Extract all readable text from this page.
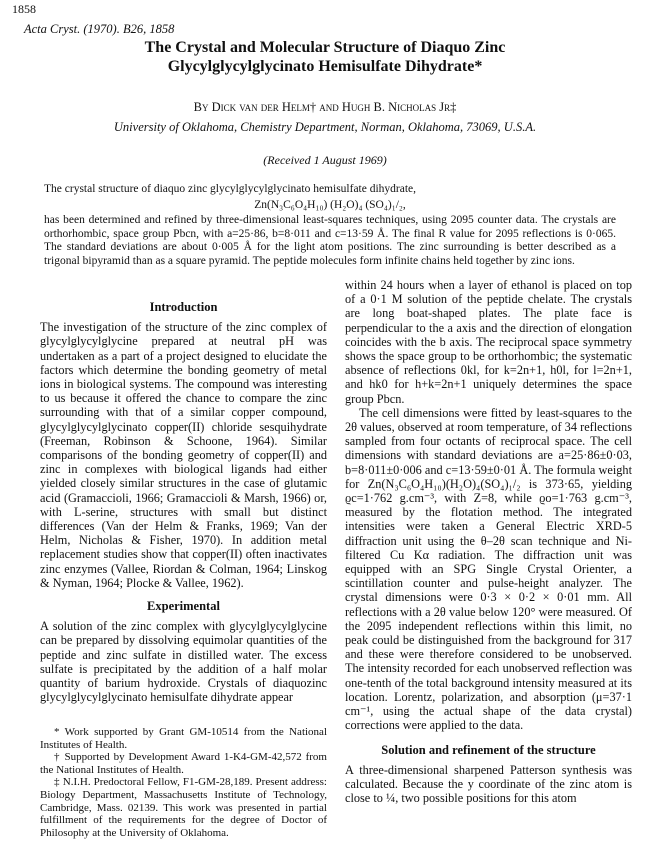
1858
Acta Cryst. (1970). B26, 1858
The Crystal and Molecular Structure of Diaquo Zinc
Glycylglycylglycinato Hemisulfate Dihydrate*
By Dick van der Helm† and Hugh B. Nicholas Jr‡
University of Oklahoma, Chemistry Department, Norman, Oklahoma, 73069, U.S.A.
(Received 1 August 1969)

The crystal structure of diaquo zinc glycylglycylglycinato hemisulfate dihydrate,

Zn(N₃C₆O₄H₁₀) (H₂O)₄ (SO₄)₁/₂,

has been determined and refined by three-dimensional least-squares techniques, using 2095 counter data. The crystals are orthorhombic, space group Pbcn, with a=25·86, b=8·011 and c=13·59 Å. The final R value for 2095 reflections is 0·065. The standard deviations are about 0·005 Å for the light atom positions. The zinc surrounding is better described as a trigonal bipyramid than as a square pyramid. The peptide molecules form infinite chains held together by zinc ions.

Introduction

The investigation of the structure of the zinc complex of glycylglycylglycine prepared at neutral pH was undertaken as a part of a project designed to elucidate the factors which determine the bonding geometry of metal ions in biological systems. The compound was interesting to us because it offered the chance to compare the zinc surrounding with that of a similar copper compound, glycylglycylglycinato copper(II) chloride sesquihydrate (Freeman, Robinson & Schoone, 1964). Similar comparisons of the bonding geometry of copper(II) and zinc in complexes with biological ligands had either yielded closely similar structures in the case of glutamic acid (Gramaccioli, 1966; Gramaccioli & Marsh, 1966) or, with L-serine, structures with small but distinct differences (Van der Helm & Franks, 1969; Van der Helm, Nicholas & Fisher, 1970). In addition metal replacement studies show that copper(II) often inactivates zinc enzymes (Vallee, Riordan & Colman, 1964; Linskog & Nyman, 1964; Plocke & Vallee, 1962).

Experimental

A solution of the zinc complex with glycylglycylglycine can be prepared by dissolving equimolar quantities of the peptide and zinc sulfate in distilled water. The excess sulfate is precipitated by the addition of a half molar quantity of barium hydroxide. Crystals of diaquozinc glycylglycylglycinato hemisulfate dihydrate appear

within 24 hours when a layer of ethanol is placed on top of a 0·1 M solution of the peptide chelate. The crystals are long boat-shaped plates. The plate face is perpendicular to the a axis and the direction of elongation coincides with the b axis. The reciprocal space symmetry shows the space group to be orthorhombic; the systematic absence of reflections 0kl, for k=2n+1, h0l, for l=2n+1, and hk0 for h+k=2n+1 uniquely determines the space group Pbcn.

The cell dimensions were fitted by least-squares to the 2θ values, observed at room temperature, of 34 reflections sampled from four octants of reciprocal space. The cell dimensions with standard deviations are a=25·86±0·03, b=8·011±0·006 and c=13·59±0·01 Å. The formula weight for Zn(N₃C₆O₄H₁₀)(H₂O)₄(SO₄)₁/₂ is 373·65, yielding ϱc=1·762 g.cm⁻³, with Z=8, while ϱo=1·763 g.cm⁻³, measured by the flotation method. The integrated intensities were taken a General Electric XRD-5 diffraction unit using the θ–2θ scan technique and Ni-filtered Cu Kα radiation. The diffraction unit was equipped with an SPG Single Crystal Orienter, a scintillation counter and pulse-height analyzer. The crystal dimensions were 0·3 × 0·2 × 0·01 mm. All reflections with a 2θ value below 120° were measured. Of the 2095 independent reflections within this limit, no peak could be distinguished from the background for 317 and these were therefore considered to be unobserved. The intensity recorded for each unobserved reflection was one-tenth of the total background intensity measured at its location. Lorentz, polarization, and absorption (μ=37·1 cm⁻¹, using the actual shape of the data crystal) corrections were applied to the data.

Solution and refinement of the structure

A three-dimensional sharpened Patterson synthesis was calculated. Because the y coordinate of the zinc atom is close to ¼, two possible positions for this atom

* Work supported by Grant GM-10514 from the National Institutes of Health.

† Supported by Development Award 1-K4-GM-42,572 from the National Institutes of Health.

‡ N.I.H. Predoctoral Fellow, F1-GM-28,189. Present address: Biology Department, Massachusetts Institute of Technology, Cambridge, Mass. 02139. This work was presented in partial fulfillment of the requirements for the degree of Doctor of Philosophy at the University of Oklahoma.
